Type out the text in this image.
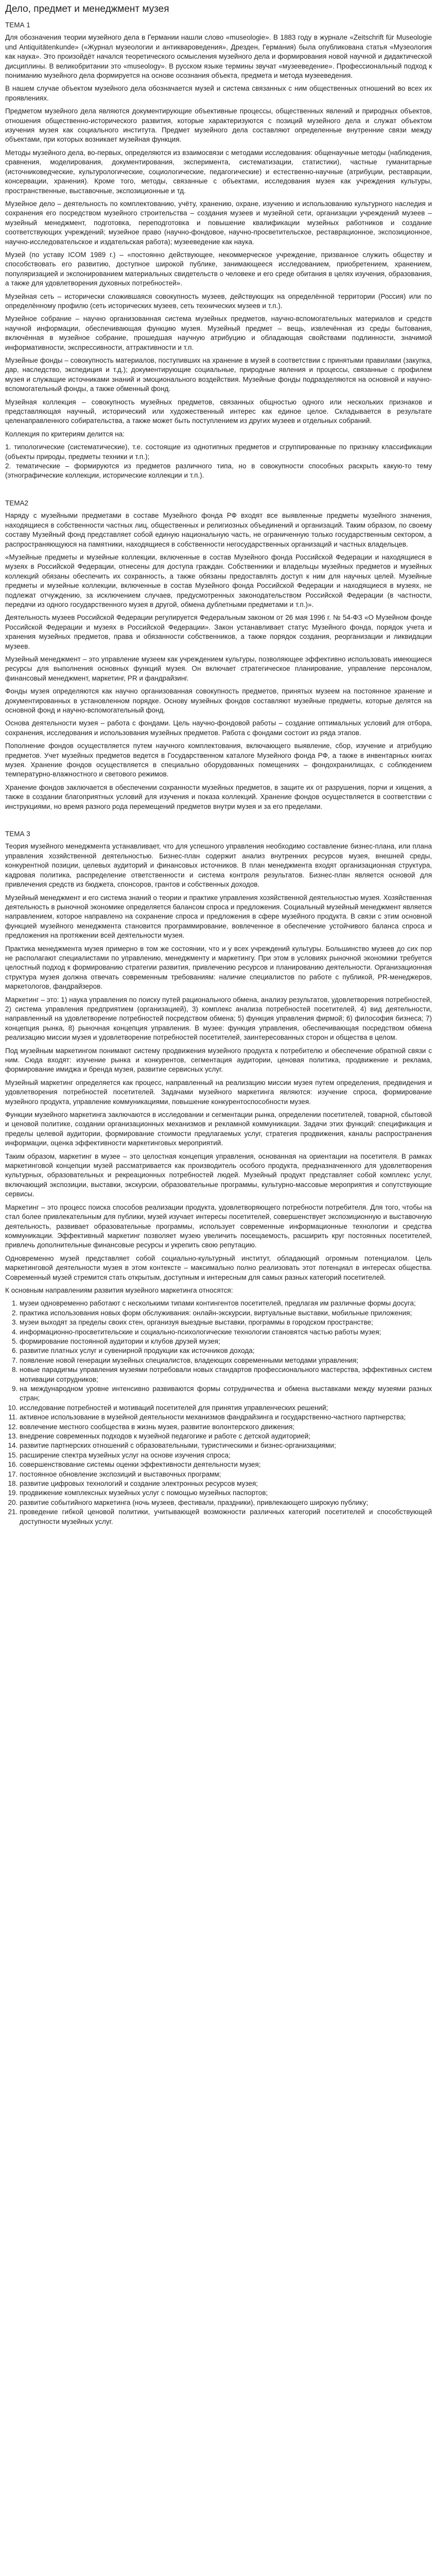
Дело, предмет и менеджмент музея
ТЕМА 1

Для обозначения теории музейного дела в Германии нашли слово «museologie». В 1883 году в журнале «Zeitschrift für Museologie und Antiquitätenkunde» («Журнал музеологии и антиквароведения», Дрезден, Германия) была опубликована статья «Музеология как наука». Это произойдёт начался теоретического осмысления музейного дела и формирования новой научной и дидактической дисциплины. В великобритании это «museology». В русском языке термины звучат «музееведение». Профессиональный подход к пониманию музейного дела формируется на основе осознания объекта, предмета и метода музееведения.

В нашем случае объектом музейного дела обозначается музей и система связанных с ним общественных отношений во всех их проявлениях.

Предметом музейного дела являются документирующие объективные процессы, общественных явлений и природных объектов, отношения общественно-исторического развития, которые характеризуются с позиций музейного дела и служат объектом изучения музея как социального института. Предмет музейного дела составляют определенные внутренние связи между объектами, при которых возникает музейная функция.

Методы музейного дела, во-первых, определяются из взаимосвязи с методами исследования: общенаучные методы (наблюдения, сравнения, моделирования, документирования, эксперимента, систематизации, статистики), частные гуманитарные (источниковедческие, культурологические, социологические, педагогические) и естественно-научные (атрибуции, реставрации, консервации, хранения). Кроме того, методы, связанные с объектами, исследования музея как учреждения культуры, пространственные, выставочные, экспозиционные и тд.

Музейное дело – деятельность по комплектованию, учёту, хранению, охране, изучению и использованию культурного наследия и сохранения его посредством музейного строительства – создания музеев и музейной сети, организации учреждений музеев – музейный менеджмент, подготовка, переподготовка и повышение квалификации музейных работников и создание соответствующих учреждений; музейное право (научно-фондовое, научно-просветительское, реставрационное, экспозиционное, научно-исследовательское и издательская работа); музееведение как наука.

Музей (по уставу ICOM 1989 г.) – «постоянно действующее, некоммерческое учреждение, призванное служить обществу и способствовать его развитию, доступное широкой публике, занимающееся исследованием, приобретением, хранением, популяризацией и экспонированием материальных свидетельств о человеке и его среде обитания в целях изучения, образования, а также для удовлетворения духовных потребностей».

Музейная сеть – исторически сложившаяся совокупность музеев, действующих на определённой территории (Россия) или по определённому профилю (сеть исторических музеев, сеть технических музеев и т.п.).

Музейное собрание – научно организованная система музейных предметов, научно-вспомогательных материалов и средств научной информации, обеспечивающая функцию музея. Музейный предмет – вещь, извлечённая из среды бытования, включённая в музейное собрание, прошедшая научную атрибуцию и обладающая свойствами подлинности, значимой информативности, экспрессивности, аттрактивности и т.п.

Музейные фонды – совокупность материалов, поступивших на хранение в музей в соответствии с принятыми правилами (закупка, дар, наследство, экспедиция и т.д.); документирующие социальные, природные явления и процессы, связанные с профилем музея и служащие источниками знаний и эмоционального воздействия. Музейные фонды подразделяются на основной и научно-вспомогательный фонды, а также обменный фонд.

Музейная коллекция – совокупность музейных предметов, связанных общностью одного или нескольких признаков и представляющая научный, исторический или художественный интерес как единое целое. Складывается в результате целенаправленного собирательства, а также может быть поступлением из других музеев и отдельных собраний.

Коллекция по критериям делится на:

1. типологические (систематические), т.е. состоящие из однотипных предметов и сгруппированные по признаку классификации (объекты природы, предметы техники и т.п.);
2. тематические – формируются из предметов различного типа, но в совокупности способных раскрыть какую-то тему (этнографические коллекции, исторические коллекции и т.п.).

ТЕМА2

Наряду с музейными предметами в составе Музейного фонда РФ входят все выявленные предметы музейного значения, находящиеся в собственности частных лиц, общественных и религиозных объединений и организаций. Таким образом, по своему составу Музейный фонд представляет собой единую национальную часть, не ограниченную только государственным сектором, а распространяющуюся на памятники, находящиеся в собственности негосударственных организаций и частных владельцев.

«Музейные предметы и музейные коллекции, включенные в состав Музейного фонда Российской Федерации и находящиеся в музеях в Российской Федерации, отнесены для доступа граждан. Собственники и владельцы музейных предметов и музейных коллекций обязаны обеспечить их сохранность, а также обязаны предоставлять доступ к ним для научных целей. Музейные предметы и музейные коллекции, включенные в состав Музейного фонда Российской Федерации и находящиеся в музеях, не подлежат отчуждению, за исключением случаев, предусмотренных законодательством Российской Федерации (в частности, передачи из одного государственного музея в другой, обмена дублетными предметами и т.п.)».

Деятельность музеев Российской Федерации регулируется Федеральным законом от 26 мая 1996 г. № 54-ФЗ «О Музейном фонде Российской Федерации и музеях в Российской Федерации». Закон устанавливает статус Музейного фонда, порядок учета и хранения музейных предметов, права и обязанности собственников, а также порядок создания, реорганизации и ликвидации музеев.

Музейный менеджмент – это управление музеем как учреждением культуры, позволяющее эффективно использовать имеющиеся ресурсы для выполнения основных функций музея. Он включает стратегическое планирование, управление персоналом, финансовый менеджмент, маркетинг, PR и фандрайзинг.

Фонды музея определяются как научно организованная совокупность предметов, принятых музеем на постоянное хранение и документированных в установленном порядке. Основу музейных фондов составляют музейные предметы, которые делятся на основной фонд и научно-вспомогательный фонд.

Основа деятельности музея – работа с фондами. Цель научно-фондовой работы – создание оптимальных условий для отбора, сохранения, исследования и использования музейных предметов. Работа с фондами состоит из ряда этапов.

Пополнение фондов осуществляется путем научного комплектования, включающего выявление, сбор, изучение и атрибуцию предметов. Учет музейных предметов ведется в Государственном каталоге Музейного фонда РФ, а также в инвентарных книгах музея. Хранение фондов осуществляется в специально оборудованных помещениях – фондохранилищах, с соблюдением температурно-влажностного и светового режимов.

Хранение фондов заключается в обеспечении сохранности музейных предметов, в защите их от разрушения, порчи и хищения, а также в создании благоприятных условий для изучения и показа коллекций. Хранение фондов осуществляется в соответствии с инструкциями, но время разного рода перемещений предметов внутри музея и за его пределами.

ТЕМА 3

Теория музейного менеджмента устанавливает, что для успешного управления необходимо составление бизнес-плана, или плана управления хозяйственной деятельностью. Бизнес-план содержит анализ внутренних ресурсов музея, внешней среды, конкурентной позиции, целевых аудиторий и финансовых источников. В план менеджмента входят организационная структура, кадровая политика, распределение ответственности и система контроля результатов. Бизнес-план является основой для привлечения средств из бюджета, спонсоров, грантов и собственных доходов.

Музейный менеджмент и его система знаний о теории и практике управления хозяйственной деятельностью музея. Хозяйственная деятельность в рыночной экономике определяется балансом спроса и предложения. Социальный музейный менеджмент является направлением, которое направлено на сохранение спроса и предложения в сфере музейного продукта. В связи с этим основной функцией музейного менеджмента становится программирование, вовлеченное в обеспечение устойчивого баланса спроса и предложения на протяжении всей деятельности музея.

Практика менеджмента музея примерно в том же состоянии, что и у всех учреждений культуры. Большинство музеев до сих пор не располагают специалистами по управлению, менеджменту и маркетингу. При этом в условиях рыночной экономики требуется целостный подход к формированию стратегии развития, привлечению ресурсов и планированию деятельности. Организационная структура музея должна отвечать современным требованиям: наличие специалистов по работе с публикой, PR-менеджеров, маркетологов, фандрайзеров.

Маркетинг – это: 1) наука управления по поиску путей рационального обмена, анализу результатов, удовлетворения потребностей, 2) система управления предприятием (организацией), 3) комплекс анализа потребностей посетителей, 4) вид деятельности, направленный на удовлетворение потребностей посредством обмена; 5) функция управления фирмой; 6) философия бизнеса; 7) концепция рынка, 8) рыночная концепция управления. В музее: функция управления, обеспечивающая посредством обмена реализацию миссии музея и удовлетворение потребностей посетителей, заинтересованных сторон и общества в целом.

Под музейным маркетингом понимают систему продвижения музейного продукта к потребителю и обеспечение обратной связи с ним. Сюда входят: изучение рынка и конкурентов, сегментация аудитории, ценовая политика, продвижение и реклама, формирование имиджа и бренда музея, развитие сервисных услуг.

Музейный маркетинг определяется как процесс, направленный на реализацию миссии музея путем определения, предвидения и удовлетворения потребностей посетителей. Задачами музейного маркетинга являются: изучение спроса, формирование музейного продукта, управление коммуникациями, повышение конкурентоспособности музея.

Функции музейного маркетинга заключаются в исследовании и сегментации рынка, определении посетителей, товарной, сбытовой и ценовой политике, создании организационных механизмов и рекламной коммуникации. Задачи этих функций: спецификация и пределы целевой аудитории, формирование стоимости предлагаемых услуг, стратегия продвижения, каналы распространения информации, оценка эффективности маркетинговых мероприятий.

Таким образом, маркетинг в музее – это целостная концепция управления, основанная на ориентации на посетителя. В рамках маркетинговой концепции музей рассматривается как производитель особого продукта, предназначенного для удовлетворения культурных, образовательных и рекреационных потребностей людей. Музейный продукт представляет собой комплекс услуг, включающий экспозиции, выставки, экскурсии, образовательные программы, культурно-массовые мероприятия и сопутствующие сервисы.

Маркетинг – это процесс поиска способов реализации продукта, удовлетворяющего потребности потребителя. Для того, чтобы на стал более привлекательным для публики, музей изучает интересы посетителей, совершенствует экспозиционную и выставочную деятельность, развивает образовательные программы, использует современные информационные технологии и средства коммуникации. Эффективный маркетинг позволяет музею увеличить посещаемость, расширить круг постоянных посетителей, привлечь дополнительные финансовые ресурсы и укрепить свою репутацию.

Одновременно музей представляет собой социально-культурный институт, обладающий огромным потенциалом. Цель маркетинговой деятельности музея в этом контексте – максимально полно реализовать этот потенциал в интересах общества. Современный музей стремится стать открытым, доступным и интересным для самых разных категорий посетителей.

К основным направлениям развития музейного маркетинга относятся:

1. музеи одновременно работают с несколькими типами контингентов посетителей, предлагая им различные формы досуга;
2. практика использования новых форм обслуживания: онлайн-экскурсии, виртуальные выставки, мобильные приложения;
3. музеи выходят за пределы своих стен, организуя выездные выставки, программы в городском пространстве;
4. информационно-просветительские и социально-психологические технологии становятся частью работы музея;
5. формирование постоянной аудитории и клубов друзей музея;
6. развитие платных услуг и сувенирной продукции как источников дохода;
7. появление новой генерации музейных специалистов, владеющих современными методами управления;
8. новые парадигмы управления музеями потребовали новых стандартов профессионального мастерства, эффективных систем мотивации сотрудников;
9. на международном уровне интенсивно развиваются формы сотрудничества и обмена выставками между музеями разных стран;
10. исследование потребностей и мотиваций посетителей для принятия управленческих решений;
11. активное использование в музейной деятельности механизмов фандрайзинга и государственно-частного партнерства;
12. вовлечение местного сообщества в жизнь музея, развитие волонтерского движения;
13. внедрение современных подходов к музейной педагогике и работе с детской аудиторией;
14. развитие партнерских отношений с образовательными, туристическими и бизнес-организациями;
15. расширение спектра музейных услуг на основе изучения спроса;
16. совершенствование системы оценки эффективности деятельности музея;
17. постоянное обновление экспозиций и выставочных программ;
18. развитие цифровых технологий и создание электронных ресурсов музея;
19. продвижение комплексных музейных услуг с помощью музейных паспортов;
20. развитие событийного маркетинга (ночь музеев, фестивали, праздники), привлекающего широкую публику;
21. проведение гибкой ценовой политики, учитывающей возможности различных категорий посетителей и способствующей доступности музейных услуг.
